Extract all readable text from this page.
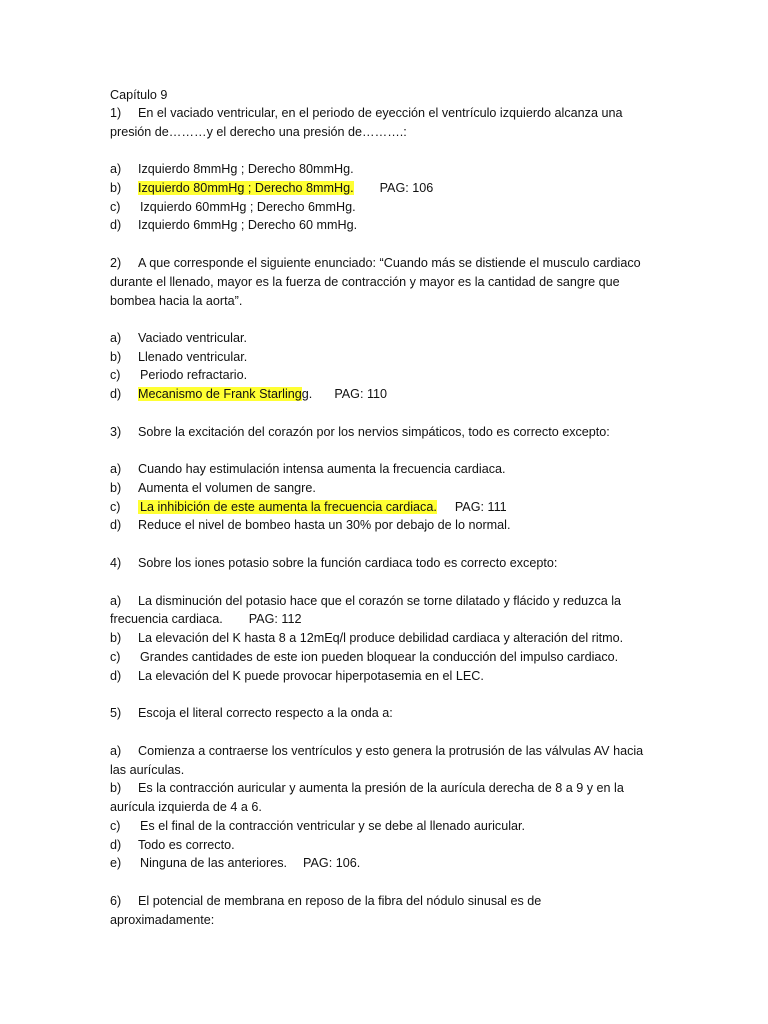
Capítulo 9
1) En el vaciado ventricular, en el periodo de eyección el ventrículo izquierdo alcanza una
presión de………y el derecho una presión de……….:
a) Izquierdo 8mmHg ; Derecho 80mmHg.
b) Izquierdo 80mmHg ; Derecho 8mmHg. PAG: 106
c) Izquierdo 60mmHg ; Derecho 6mmHg.
d) Izquierdo 6mmHg ; Derecho 60 mmHg.
2) A que corresponde el siguiente enunciado: “Cuando más se distiende el musculo cardiaco
durante el llenado, mayor es la fuerza de contracción y mayor es la cantidad de sangre que
bombea hacia la aorta”.
a) Vaciado ventricular.
b) Llenado ventricular.
c) Periodo refractario.
d) Mecanismo de Frank Starlingg. PAG: 110
3) Sobre la excitación del corazón por los nervios simpáticos, todo es correcto excepto:
a) Cuando hay estimulación intensa aumenta la frecuencia cardiaca.
b) Aumenta el volumen de sangre.
c) La inhibición de este aumenta la frecuencia cardiaca. PAG: 111
d) Reduce el nivel de bombeo hasta un 30% por debajo de lo normal.
4) Sobre los iones potasio sobre la función cardiaca todo es correcto excepto:
a) La disminución del potasio hace que el corazón se torne dilatado y flácido y reduzca la
frecuencia cardiaca. PAG: 112
b) La elevación del K hasta 8 a 12mEq/l produce debilidad cardiaca y alteración del ritmo.
c) Grandes cantidades de este ion pueden bloquear la conducción del impulso cardiaco.
d) La elevación del K puede provocar hiperpotasemia en el LEC.
5) Escoja el literal correcto respecto a la onda a:
a) Comienza a contraerse los ventrículos y esto genera la protrusión de las válvulas AV hacia
las aurículas.
b) Es la contracción auricular y aumenta la presión de la aurícula derecha de 8 a 9 y en la
aurícula izquierda de 4 a 6.
c) Es el final de la contracción ventricular y se debe al llenado auricular.
d) Todo es correcto.
e) Ninguna de las anteriores. PAG: 106.
6) El potencial de membrana en reposo de la fibra del nódulo sinusal es de
aproximadamente:
